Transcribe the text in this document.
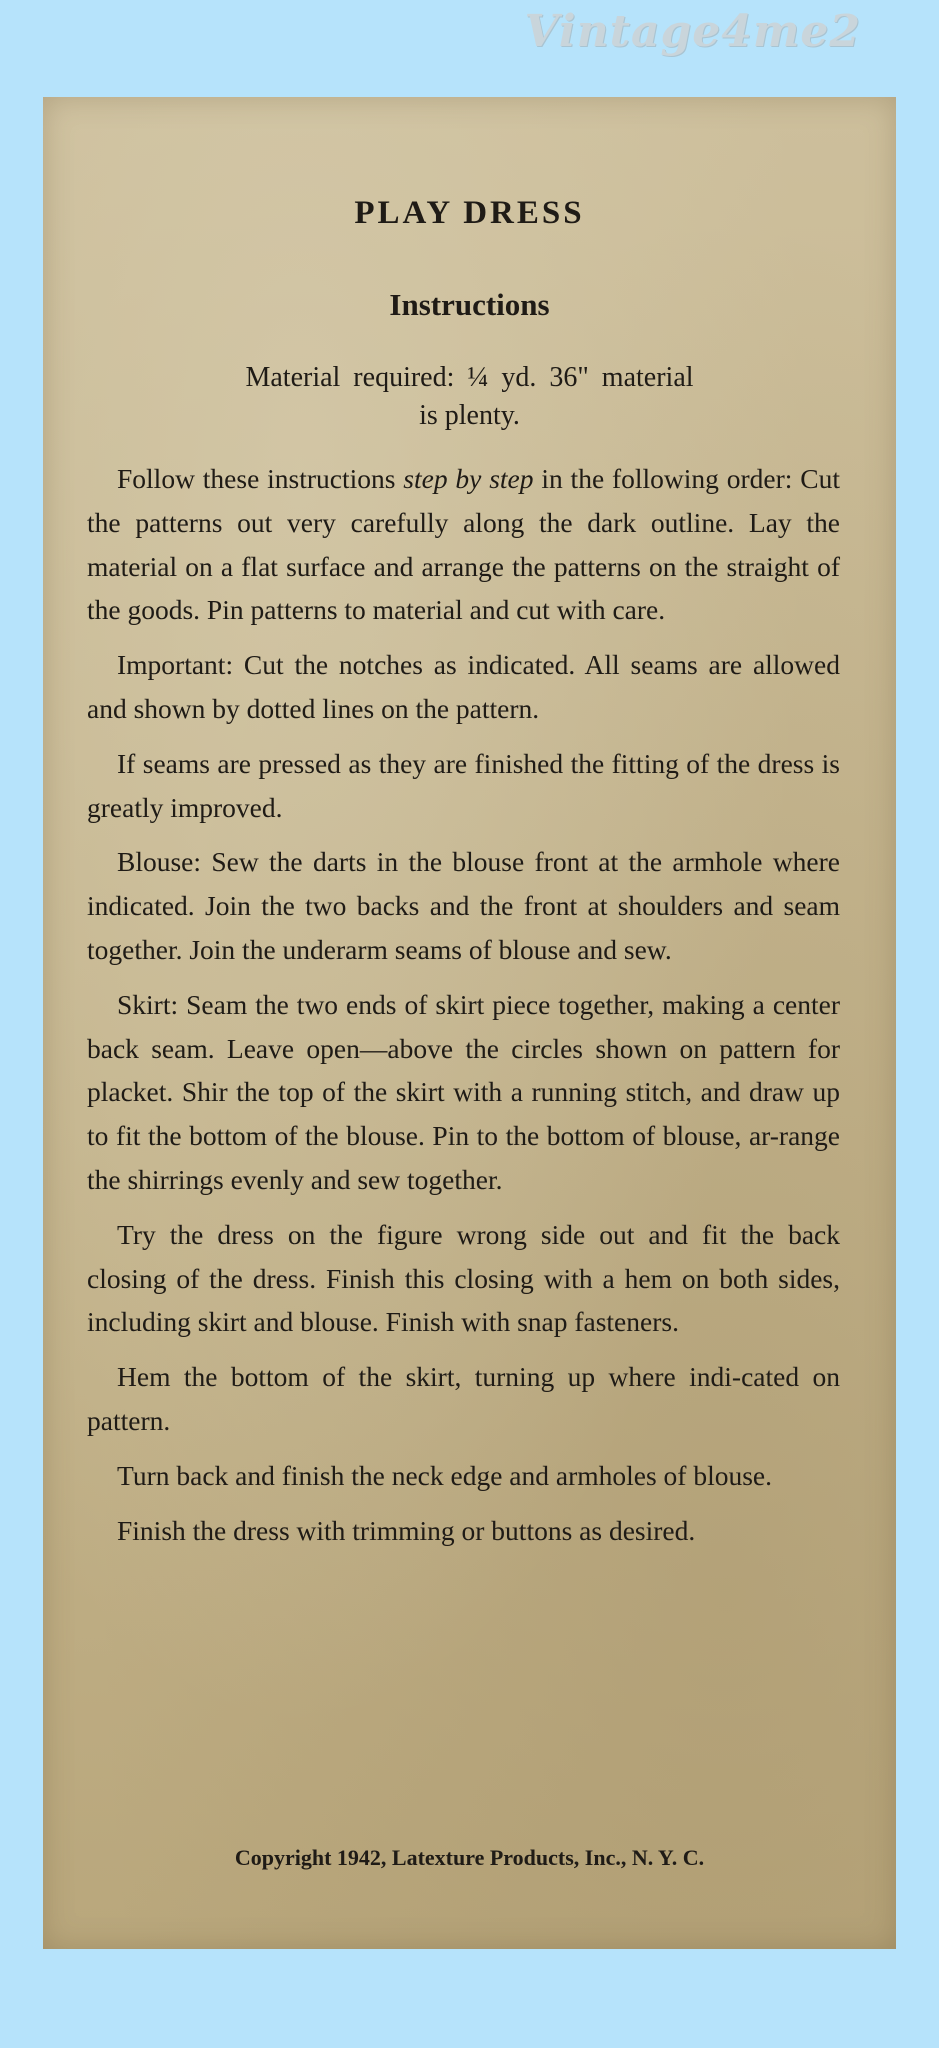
Vintage4me2
PLAY DRESS
Instructions

Material required: ¼ yd. 36" material
is plenty.

Follow these instructions step by step in the following order: Cut the patterns out very carefully along the dark outline. Lay the material on a flat surface and arrange the patterns on the straight of the goods. Pin patterns to material and cut with care.

Important: Cut the notches as indicated. All seams are allowed and shown by dotted lines on the pattern.

If seams are pressed as they are finished the fitting of the dress is greatly improved.

Blouse: Sew the darts in the blouse front at the armhole where indicated. Join the two backs and the front at shoulders and seam together. Join the underarm seams of blouse and sew.

Skirt: Seam the two ends of skirt piece together, making a center back seam. Leave open—above the circles shown on pattern for placket. Shir the top of the skirt with a running stitch, and draw up to fit the bottom of the blouse. Pin to the bottom of blouse, ar-range the shirrings evenly and sew together.

Try the dress on the figure wrong side out and fit the back closing of the dress. Finish this closing with a hem on both sides, including skirt and blouse. Finish with snap fasteners.

Hem the bottom of the skirt, turning up where indi-cated on pattern.

Turn back and finish the neck edge and armholes of blouse.

Finish the dress with trimming or buttons as desired.

Copyright 1942, Latexture Products, Inc., N. Y. C.
